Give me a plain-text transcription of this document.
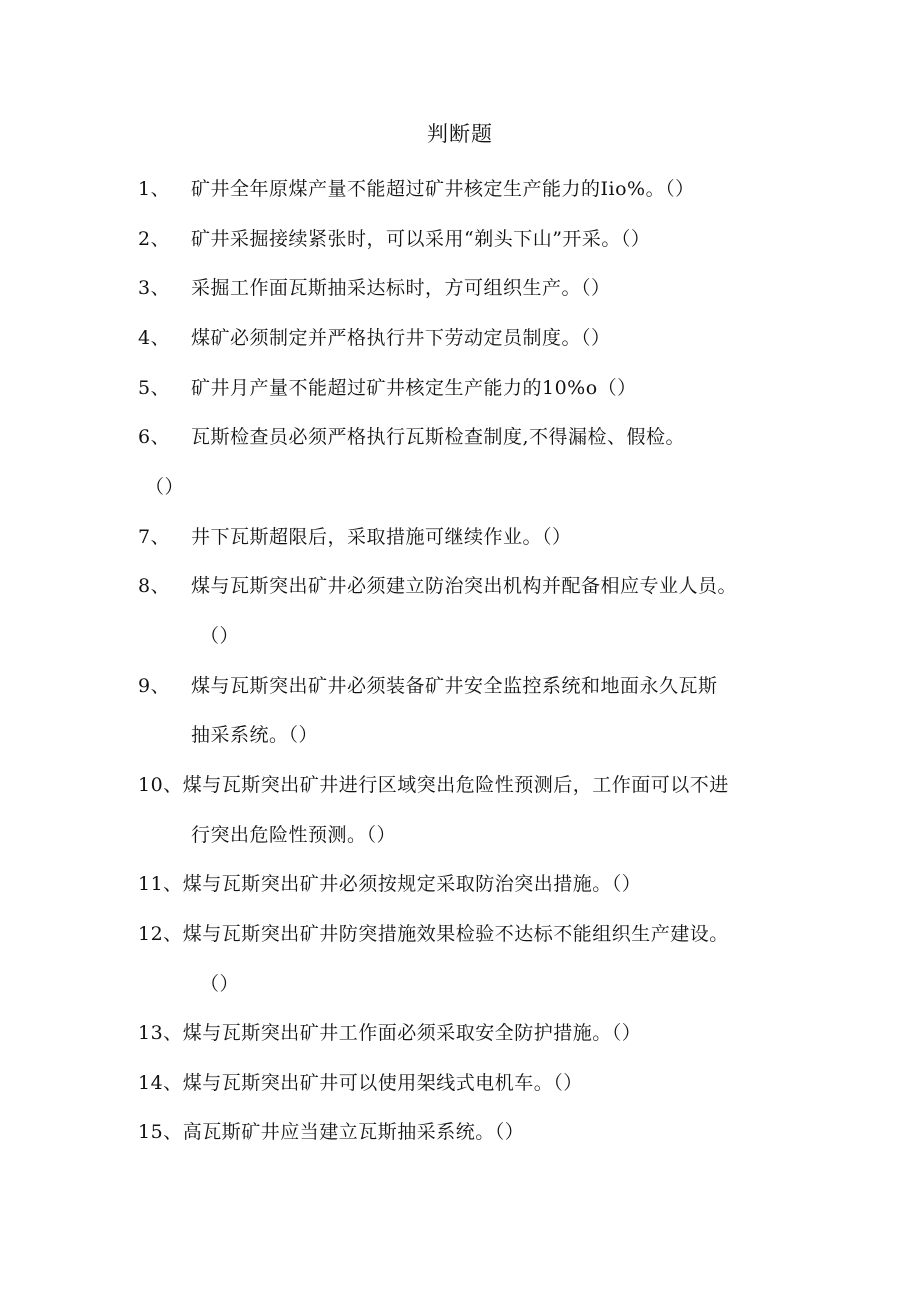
判断题
1、 矿井全年原煤产量不能超过矿井核定生产能力的Iio%。（）
2、 矿井采掘接续紧张时，可以采用“剃头下山”开采。（）
3、 采掘工作面瓦斯抽采达标时，方可组织生产。（）
4、 煤矿必须制定并严格执行井下劳动定员制度。（）
5、 矿井月产量不能超过矿井核定生产能力的10%o（）
6、 瓦斯检查员必须严格执行瓦斯检查制度,不得漏检、假检。
（）
7、 井下瓦斯超限后，采取措施可继续作业。（）
8、 煤与瓦斯突出矿井必须建立防治突出机构并配备相应专业人员。
（）
9、 煤与瓦斯突出矿井必须装备矿井安全监控系统和地面永久瓦斯
抽采系统。（）
10、煤与瓦斯突出矿井进行区域突出危险性预测后，工作面可以不进
行突出危险性预测。（）
11、煤与瓦斯突出矿井必须按规定采取防治突出措施。（）
12、煤与瓦斯突出矿井防突措施效果检验不达标不能组织生产建设。
（）
13、煤与瓦斯突出矿井工作面必须采取安全防护措施。（）
14、煤与瓦斯突出矿井可以使用架线式电机车。（）
15、高瓦斯矿井应当建立瓦斯抽采系统。（）
